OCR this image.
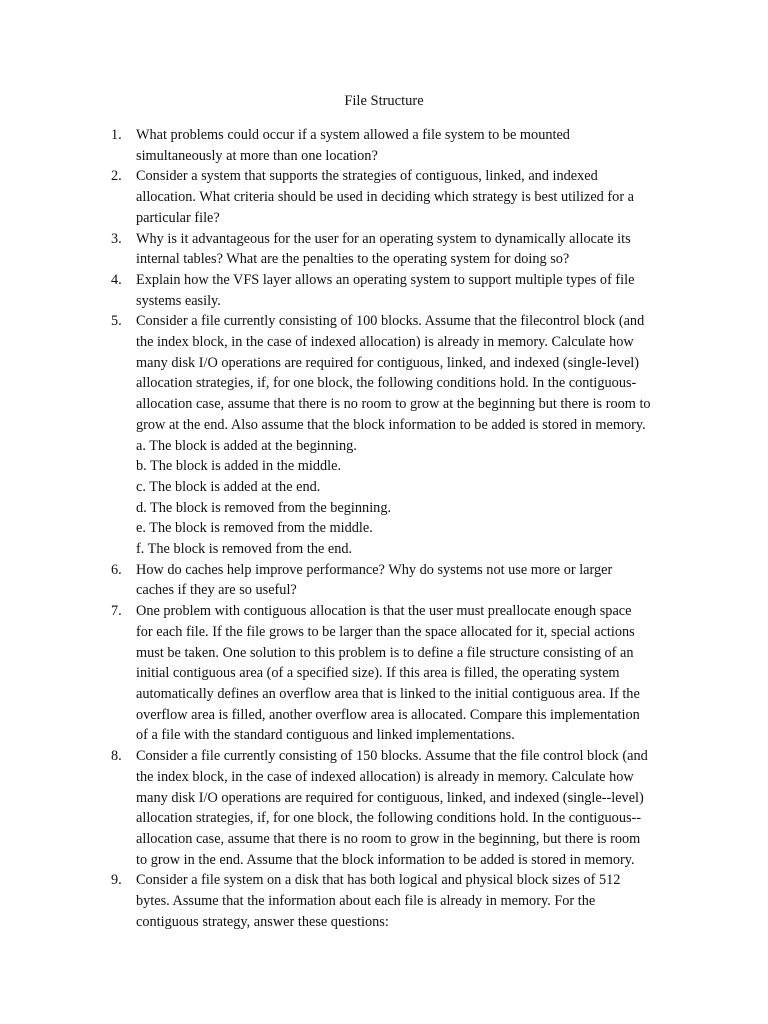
File Structure
1. What problems could occur if a system allowed a file system to be mounted
simultaneously at more than one location?
2. Consider a system that supports the strategies of contiguous, linked, and indexed
allocation. What criteria should be used in deciding which strategy is best utilized for a
particular file?
3. Why is it advantageous for the user for an operating system to dynamically allocate its
internal tables? What are the penalties to the operating system for doing so?
4. Explain how the VFS layer allows an operating system to support multiple types of file
systems easily.
5. Consider a file currently consisting of 100 blocks. Assume that the filecontrol block (and
the index block, in the case of indexed allocation) is already in memory. Calculate how
many disk I/O operations are required for contiguous, linked, and indexed (single-level)
allocation strategies, if, for one block, the following conditions hold. In the contiguous-
allocation case, assume that there is no room to grow at the beginning but there is room to
grow at the end. Also assume that the block information to be added is stored in memory.
a. The block is added at the beginning.
b. The block is added in the middle.
c. The block is added at the end.
d. The block is removed from the beginning.
e. The block is removed from the middle.
f. The block is removed from the end.
6. How do caches help improve performance? Why do systems not use more or larger
caches if they are so useful?
7. One problem with contiguous allocation is that the user must preallocate enough space
for each file. If the file grows to be larger than the space allocated for it, special actions
must be taken. One solution to this problem is to define a file structure consisting of an
initial contiguous area (of a specified size). If this area is filled, the operating system
automatically defines an overflow area that is linked to the initial contiguous area. If the
overflow area is filled, another overflow area is allocated. Compare this implementation
of a file with the standard contiguous and linked implementations.
8. Consider a file currently consisting of 150 blocks. Assume that the file control block (and
the index block, in the case of indexed allocation) is already in memory. Calculate how
many disk I/O operations are required for contiguous, linked, and indexed (single--level)
allocation strategies, if, for one block, the following conditions hold. In the contiguous--
allocation case, assume that there is no room to grow in the beginning, but there is room
to grow in the end. Assume that the block information to be added is stored in memory.
9. Consider a file system on a disk that has both logical and physical block sizes of 512
bytes. Assume that the information about each file is already in memory. For the
contiguous strategy, answer these questions:
